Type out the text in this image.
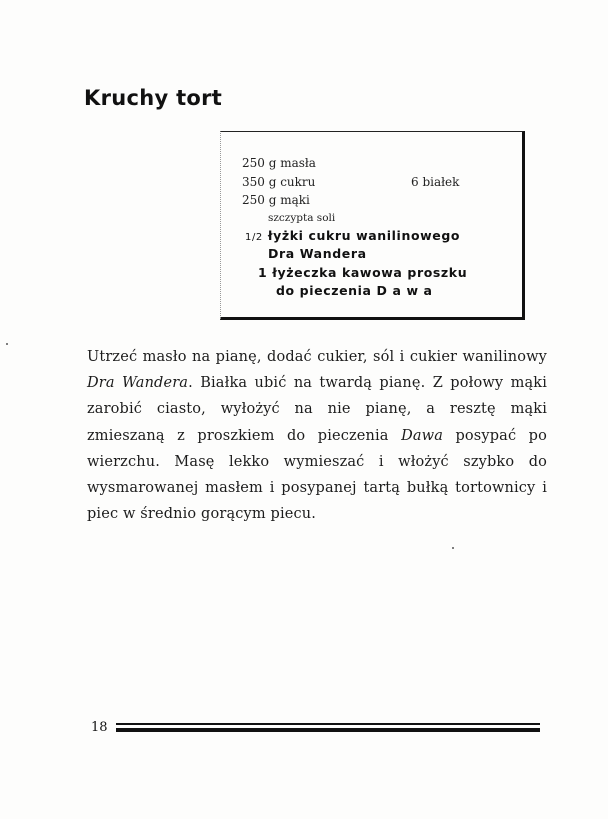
Kruchy tort
250 g masła
350 g cukru	6 białek
250 g mąki
szczypta soli
1/2 łyżki cukru wanilinowego
Dra Wandera
1 łyżeczka kawowa proszku
do pieczenia D a w a
Utrzeć masło na pianę, dodać cukier, sól i cukier wanilinowy Dra Wandera. Białka ubić na twardą pianę. Z połowy mąki zarobić ciasto, wyłożyć na nie pianę, a resztę mąki zmieszaną z proszkiem do pieczenia Dawa posypać po wierzchu. Masę lekko wymieszać i włożyć szybko do wysmarowanej masłem i posypanej tartą bułką tortownicy i piec w średnio gorącym piecu.
18
